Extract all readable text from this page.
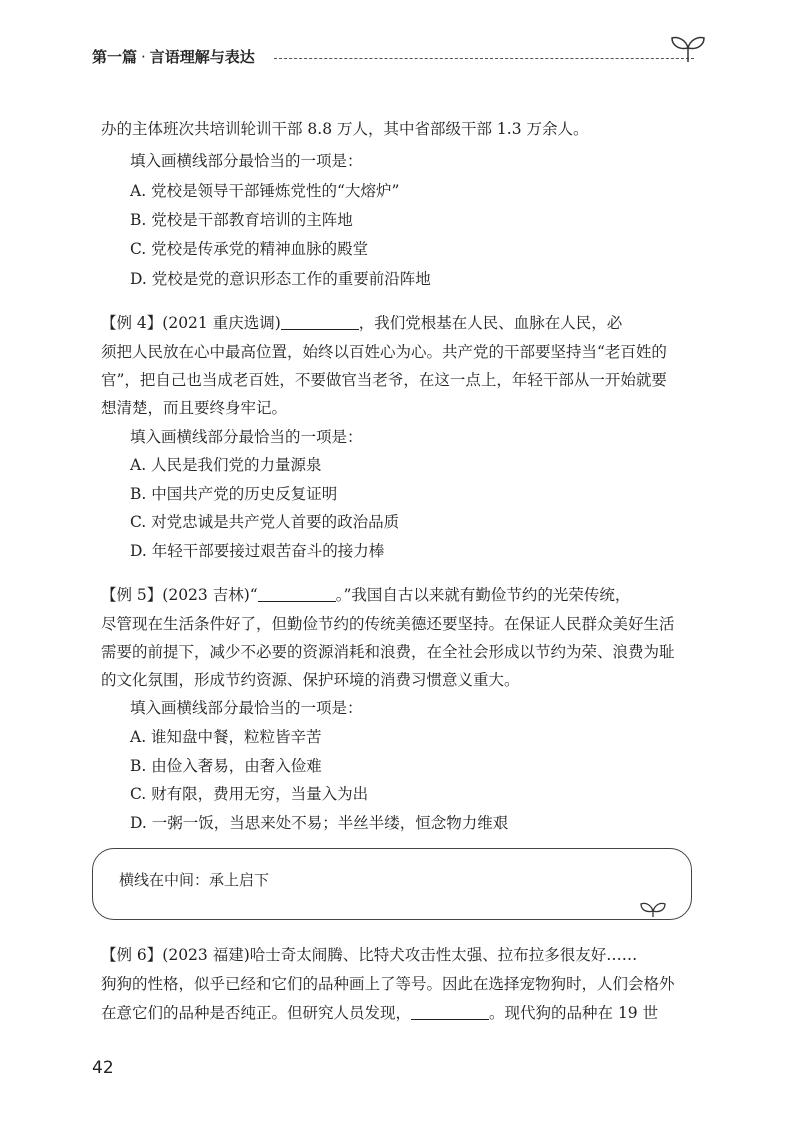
第一篇 · 言语理解与表达
办的主体班次共培训轮训干部 8.8 万人，其中省部级干部 1.3 万余人。
填入画横线部分最恰当的一项是：
A. 党校是领导干部锤炼党性的“大熔炉”
B. 党校是干部教育培训的主阵地
C. 党校是传承党的精神血脉的殿堂
D. 党校是党的意识形态工作的重要前沿阵地
【例 4】(2021 重庆选调)	，我们党根基在人民、血脉在人民，必
须把人民放在心中最高位置，始终以百姓心为心。共产党的干部要坚持当“老百姓的
官”，把自己也当成老百姓，不要做官当老爷，在这一点上，年轻干部从一开始就要
想清楚，而且要终身牢记。
填入画横线部分最恰当的一项是：
A. 人民是我们党的力量源泉
B. 中国共产党的历史反复证明
C. 对党忠诚是共产党人首要的政治品质
D. 年轻干部要接过艰苦奋斗的接力棒
【例 5】(2023 吉林)“	。”我国自古以来就有勤俭节约的光荣传统，
尽管现在生活条件好了，但勤俭节约的传统美德还要坚持。在保证人民群众美好生活
需要的前提下，减少不必要的资源消耗和浪费，在全社会形成以节约为荣、浪费为耻
的文化氛围，形成节约资源、保护环境的消费习惯意义重大。
填入画横线部分最恰当的一项是：
A. 谁知盘中餐，粒粒皆辛苦
B. 由俭入奢易，由奢入俭难
C. 财有限，费用无穷，当量入为出
D. 一粥一饭，当思来处不易；半丝半缕，恒念物力维艰
横线在中间：承上启下
【例 6】(2023 福建)哈士奇太闹腾、比特犬攻击性太强、拉布拉多很友好……
狗狗的性格，似乎已经和它们的品种画上了等号。因此在选择宠物狗时，人们会格外
在意它们的品种是否纯正。但研究人员发现，	。现代狗的品种在 19 世
42
